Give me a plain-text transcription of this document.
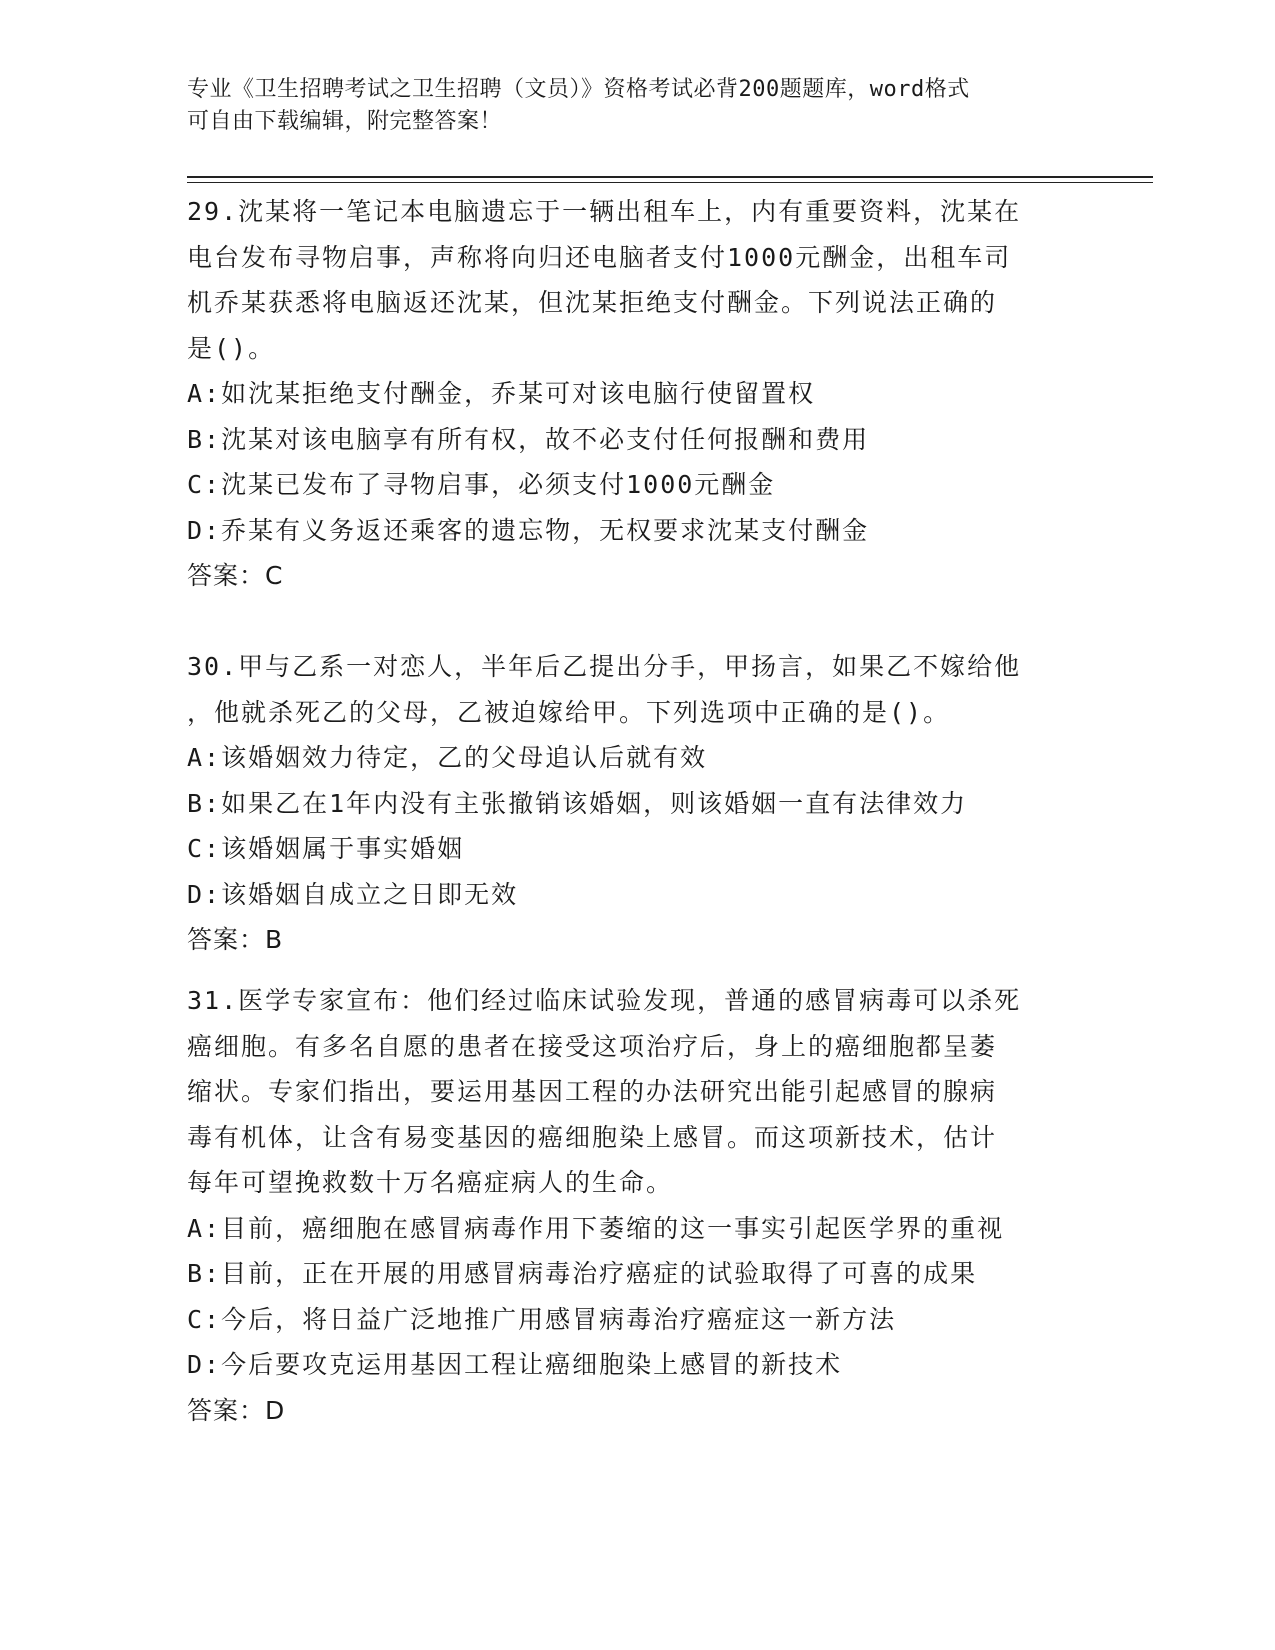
专业《卫生招聘考试之卫生招聘（文员）》资格考试必背200题题库，word格式
可自由下载编辑，附完整答案！
29.沈某将一笔记本电脑遗忘于一辆出租车上，内有重要资料，沈某在
电台发布寻物启事，声称将向归还电脑者支付1000元酬金，出租车司
机乔某获悉将电脑返还沈某，但沈某拒绝支付酬金。下列说法正确的
是()。
A:如沈某拒绝支付酬金，乔某可对该电脑行使留置权
B:沈某对该电脑享有所有权，故不必支付任何报酬和费用
C:沈某已发布了寻物启事，必须支付1000元酬金
D:乔某有义务返还乘客的遗忘物，无权要求沈某支付酬金
答案：C
30.甲与乙系一对恋人，半年后乙提出分手，甲扬言，如果乙不嫁给他
，他就杀死乙的父母，乙被迫嫁给甲。下列选项中正确的是()。
A:该婚姻效力待定，乙的父母追认后就有效
B:如果乙在1年内没有主张撤销该婚姻，则该婚姻一直有法律效力
C:该婚姻属于事实婚姻
D:该婚姻自成立之日即无效
答案：B
31.医学专家宣布：他们经过临床试验发现，普通的感冒病毒可以杀死
癌细胞。有多名自愿的患者在接受这项治疗后，身上的癌细胞都呈萎
缩状。专家们指出，要运用基因工程的办法研究出能引起感冒的腺病
毒有机体，让含有易变基因的癌细胞染上感冒。而这项新技术，估计
每年可望挽救数十万名癌症病人的生命。
A:目前，癌细胞在感冒病毒作用下萎缩的这一事实引起医学界的重视
B:目前，正在开展的用感冒病毒治疗癌症的试验取得了可喜的成果
C:今后，将日益广泛地推广用感冒病毒治疗癌症这一新方法
D:今后要攻克运用基因工程让癌细胞染上感冒的新技术
答案：D
